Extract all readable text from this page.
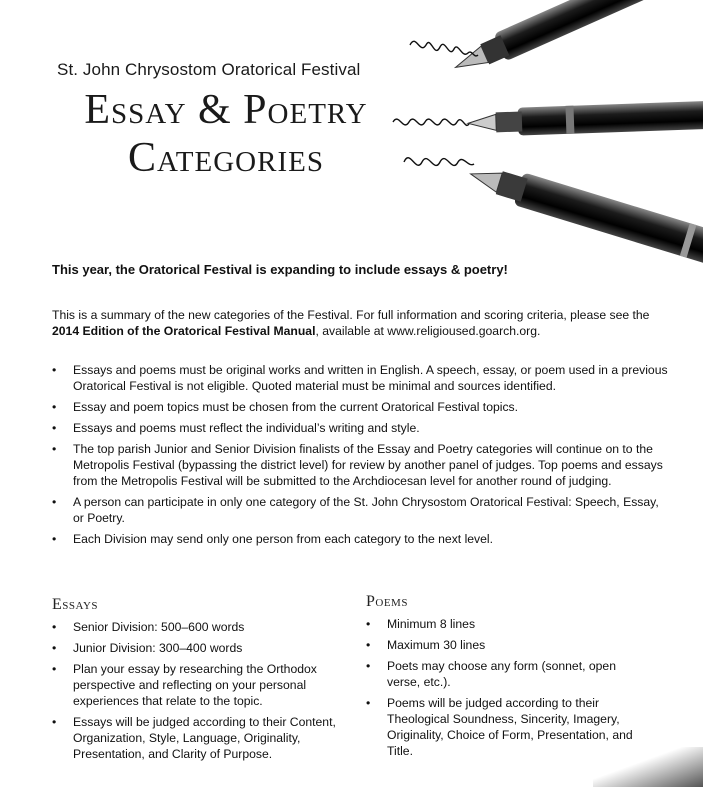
St. John Chrysostom Oratorical Festival
Essay & Poetry
Categories
This year, the Oratorical Festival is expanding to include essays & poetry!
This is a summary of the new categories of the Festival. For full information and scoring criteria, please see the 2014 Edition of the Oratorical Festival Manual, available at www.religioused.goarch.org.
• Essays and poems must be original works and written in English. A speech, essay, or poem used in a previous Oratorical Festival is not eligible. Quoted material must be minimal and sources identified.
• Essay and poem topics must be chosen from the current Oratorical Festival topics.
• Essays and poems must reflect the individual’s writing and style.
• The top parish Junior and Senior Division finalists of the Essay and Poetry categories will continue on to the Metropolis Festival (bypassing the district level) for review by another panel of judges. Top poems and essays from the Metropolis Festival will be submitted to the Archdiocesan level for another round of judging.
• A person can participate in only one category of the St. John Chrysostom Oratorical Festival: Speech, Essay, or Poetry.
• Each Division may send only one person from each category to the next level.
Essays
• Senior Division: 500–600 words
• Junior Division: 300–400 words
• Plan your essay by researching the Orthodox perspective and reflecting on your personal experiences that relate to the topic.
• Essays will be judged according to their Content, Organization, Style, Language, Originality, Presentation, and Clarity of Purpose.
Poems
• Minimum 8 lines
• Maximum 30 lines
• Poets may choose any form (sonnet, open verse, etc.).
• Poems will be judged according to their Theological Soundness, Sincerity, Imagery, Originality, Choice of Form, Presentation, and Title.
